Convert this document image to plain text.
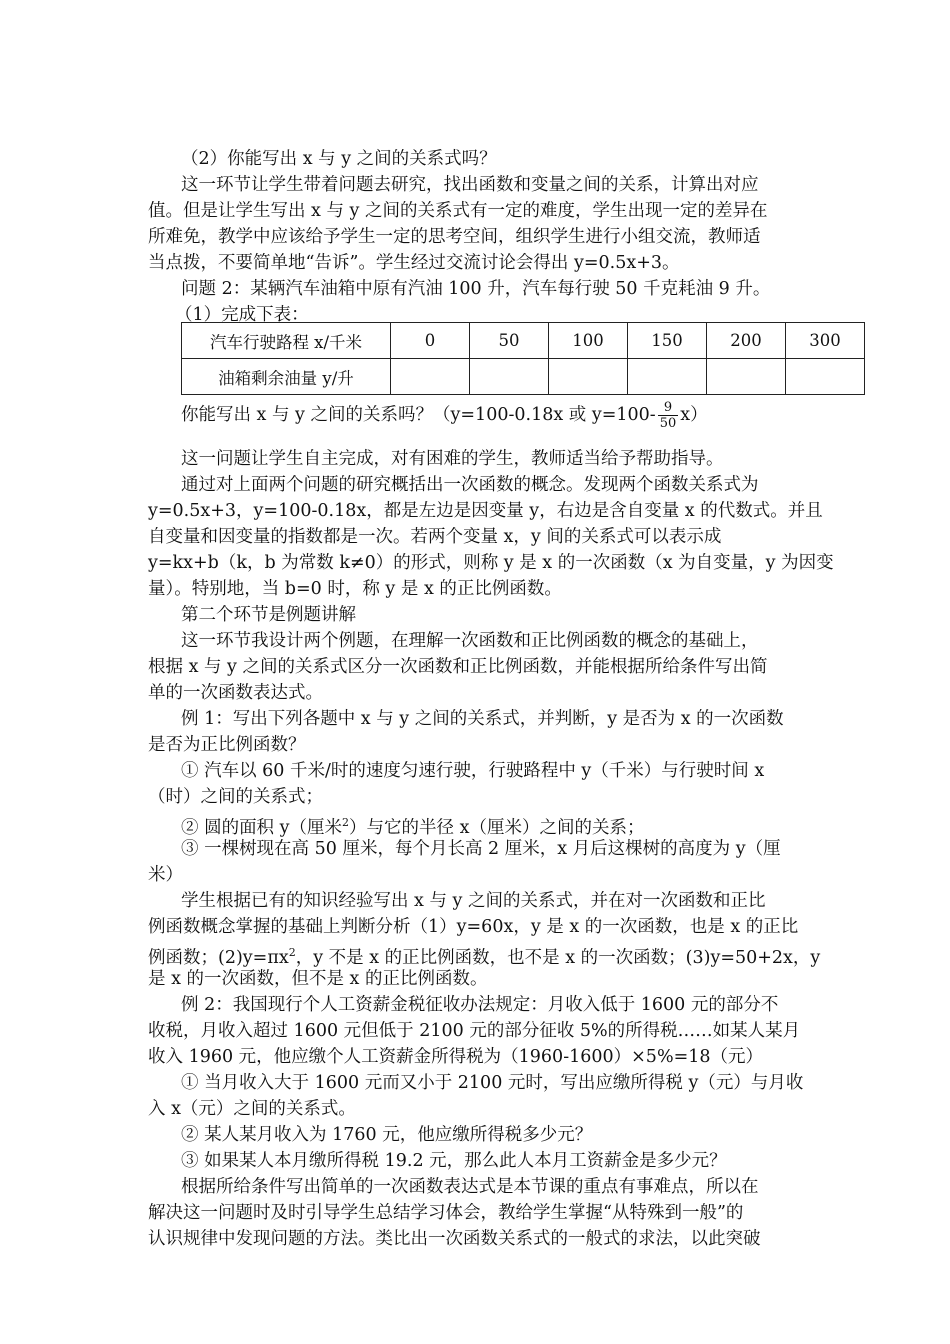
（2）你能写出 x 与 y 之间的关系式吗？
这一环节让学生带着问题去研究，找出函数和变量之间的关系，计算出对应
值。但是让学生写出 x 与 y 之间的关系式有一定的难度，学生出现一定的差异在
所难免，教学中应该给予学生一定的思考空间，组织学生进行小组交流，教师适
当点拨，不要简单地“告诉”。学生经过交流讨论会得出 y=0.5x+3。
问题 2：某辆汽车油箱中原有汽油 100 升，汽车每行驶 50 千克耗油 9 升。
（1）完成下表：
汽车行驶路程 x/千米	0	50	100	150	200	300
油箱剩余油量 y/升						
你能写出 x 与 y 之间的关系吗？（y=100-0.18x 或 $y=100- \frac{9}{50} x$）
这一问题让学生自主完成，对有困难的学生，教师适当给予帮助指导。
通过对上面两个问题的研究概括出一次函数的概念。发现两个函数关系式为
y=0.5x+3，y=100-0.18x，都是左边是因变量 y，右边是含自变量 x 的代数式。并且
自变量和因变量的指数都是一次。若两个变量 x，y 间的关系式可以表示成
y=kx+b（k，b 为常数 k≠0）的形式，则称 y 是 x 的一次函数（x 为自变量，y 为因变
量）。特别地，当 b=0 时，称 y 是 x 的正比例函数。
第二个环节是例题讲解
这一环节我设计两个例题，在理解一次函数和正比例函数的概念的基础上，
根据 x 与 y 之间的关系式区分一次函数和正比例函数，并能根据所给条件写出简
单的一次函数表达式。
例 1：写出下列各题中 x 与 y 之间的关系式，并判断，y 是否为 x 的一次函数
是否为正比例函数？
① 汽车以 60 千米/时的速度匀速行驶，行驶路程中 y（千米）与行驶时间 x
（时）之间的关系式；
② 圆的面积 y（厘米$^2$）与它的半径 x（厘米）之间的关系；
③ 一棵树现在高 50 厘米，每个月长高 2 厘米，x 月后这棵树的高度为 y（厘
米）
学生根据已有的知识经验写出 x 与 y 之间的关系式，并在对一次函数和正比
例函数概念掌握的基础上判断分析（1）y=60x，y 是 x 的一次函数，也是 x 的正比
例函数；$(2)y=\pi x^2$，y 不是 x 的正比例函数，也不是 x 的一次函数；(3)y=50+2x，y
是 x 的一次函数，但不是 x 的正比例函数。
例 2：我国现行个人工资薪金税征收办法规定：月收入低于 1600 元的部分不
收税，月收入超过 1600 元但低于 2100 元的部分征收 5%的所得税……如某人某月
收入 1960 元，他应缴个人工资薪金所得税为（1960-1600）×5%=18（元）
① 当月收入大于 1600 元而又小于 2100 元时，写出应缴所得税 y（元）与月收
入 x（元）之间的关系式。
② 某人某月收入为 1760 元，他应缴所得税多少元？
③ 如果某人本月缴所得税 19.2 元，那么此人本月工资薪金是多少元？
根据所给条件写出简单的一次函数表达式是本节课的重点有事难点，所以在
解决这一问题时及时引导学生总结学习体会，教给学生掌握“从特殊到一般”的
认识规律中发现问题的方法。类比出一次函数关系式的一般式的求法，以此突破
